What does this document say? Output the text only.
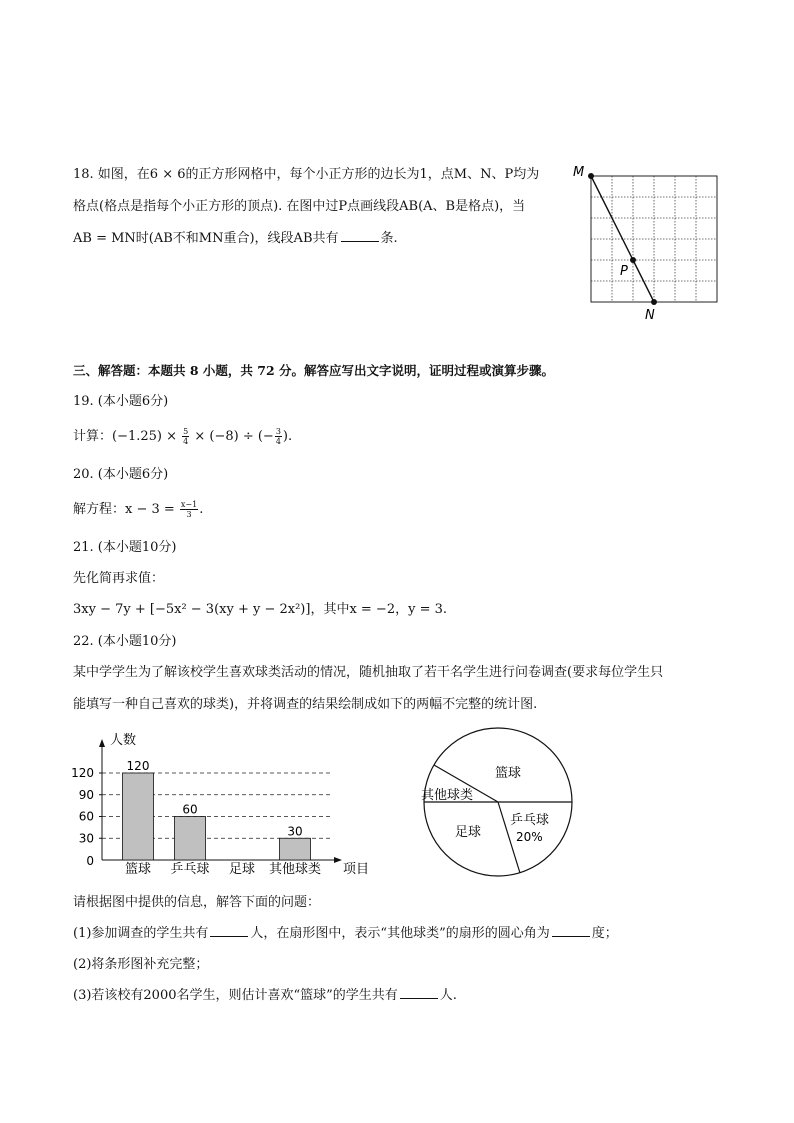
18. 如图，在6 × 6的正方形网格中，每个小正方形的边长为1，点M、N、P均为
格点(格点是指每个小正方形的顶点). 在图中过P点画线段AB(A、B是格点)，当
AB = MN时(AB不和MN重合)，线段AB共有	条.
M
P
N
三、解答题：本题共 8 小题，共 72 分。解答应写出文字说明，证明过程或演算步骤。
19. (本小题6分)
计算：$(-1.25) \times \frac{5}{4} \times (-8)$ ÷ (− $\frac{3}{4}$ ).
20. (本小题6分)
解方程：$x - 3 = \frac{x-1}{3}$ .
21. (本小题10分)
先化简再求值：
3xy − 7y + [−5x² − 3(xy + y − 2x²)]，其中x = −2，y = 3.
22. (本小题10分)
某中学学生为了解该校学生喜欢球类活动的情况，随机抽取了若干名学生进行问卷调查(要求每位学生只
能填写一种自己喜欢的球类)，并将调查的结果绘制成如下的两幅不完整的统计图.
0
30
60
90
120
人数
项目
120
篮球
60
乒乓球 足球
30
其他球类
篮球
其他球类
足球
乒乓球
20%
请根据图中提供的信息，解答下面的问题：
(1)参加调查的学生共有	人，在扇形图中，表示“其他球类”的扇形的圆心角为	度；
(2)将条形图补充完整；
(3)若该校有2000名学生，则估计喜欢“篮球”的学生共有	人.
